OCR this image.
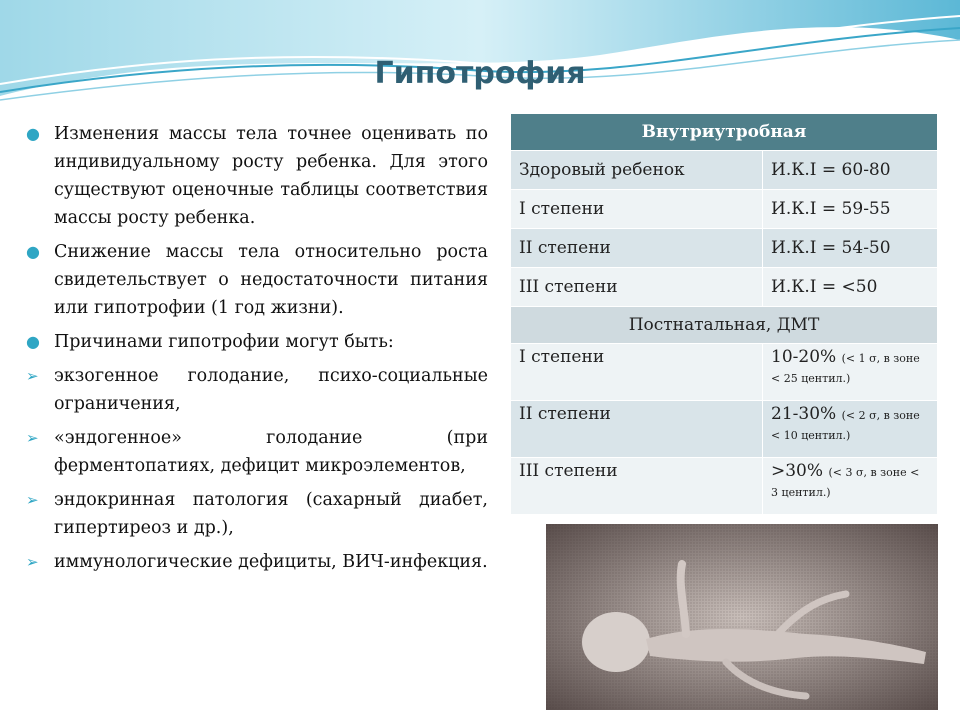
Гипотрофия
● Изменения массы тела точнее оценивать по индивидуальному росту ребенка. Для этого существуют оценочные таблицы соответствия массы росту ребенка.
● Снижение массы тела относительно роста свидетельствует о недостаточности питания или гипотрофии (1 год жизни).
● Причинами гипотрофии могут быть:
➢ экзогенное голодание, психо-социальные ограничения,
➢ «эндогенное» голодание (при ферментопатиях, дефицит микроэлементов,
➢ эндокринная патология (сахарный диабет, гипертиреоз и др.),
➢ иммунологические дефициты, ВИЧ-инфекция.
Внутриутробная	
Здоровый ребенок	И.К.I = 60-80
I степени	И.К.I = 59-55
II степени	И.К.I = 54-50
III степени	И.К.I = <50
Постнатальная, ДМТ	
I степени	10-20% (< 1 σ, в зоне < 25 центил.)
II степени	21-30% (< 2 σ, в зоне < 10 центил.)
III степени	>30% (< 3 σ, в зоне < 3 центил.)
